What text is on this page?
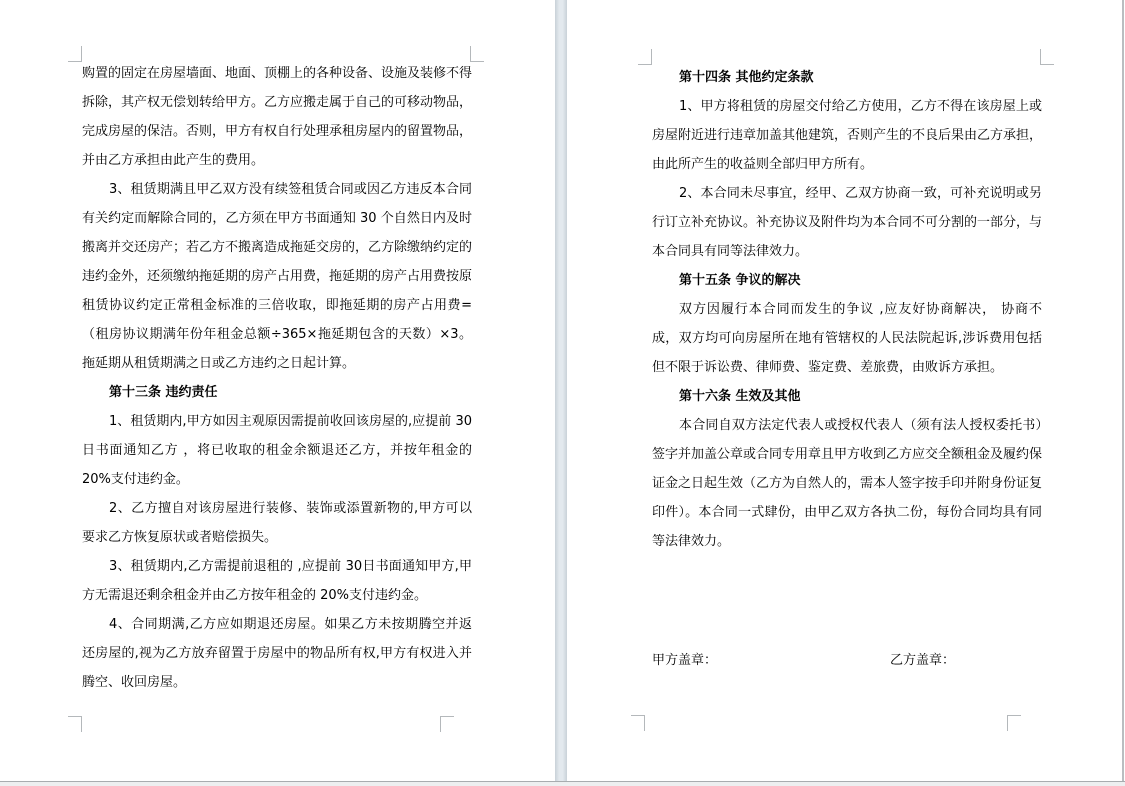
购置的固定在房屋墙面、地面、顶棚上的各种设备、设施及装修不得拆除，其产权无偿划转给甲方。乙方应搬走属于自己的可移动物品，完成房屋的保洁。否则，甲方有权自行处理承租房屋内的留置物品，并由乙方承担由此产生的费用。
3、租赁期满且甲乙双方没有续签租赁合同或因乙方违反本合同有关约定而解除合同的，乙方须在甲方书面通知 30 个自然日内及时搬离并交还房产；若乙方不搬离造成拖延交房的，乙方除缴纳约定的违约金外，还须缴纳拖延期的房产占用费，拖延期的房产占用费按原租赁协议约定正常租金标准的三倍收取，即拖延期的房产占用费=（租房协议期满年份年租金总额÷365×拖延期包含的天数）×3。拖延期从租赁期满之日或乙方违约之日起计算。
第十三条 违约责任
1、租赁期内,甲方如因主观原因需提前收回该房屋的,应提前 30日书面通知乙方 ，将已收取的租金余额退还乙方，并按年租金的 20%支付违约金。
2、乙方擅自对该房屋进行装修、装饰或添置新物的,甲方可以要求乙方恢复原状或者赔偿损失。
3、租赁期内,乙方需提前退租的 ,应提前 30日书面通知甲方,甲方无需退还剩余租金并由乙方按年租金的 20%支付违约金。
4、合同期满,乙方应如期退还房屋。如果乙方未按期腾空并返还房屋的,视为乙方放弃留置于房屋中的物品所有权,甲方有权进入并腾空、收回房屋。
第十四条 其他约定条款
1、甲方将租赁的房屋交付给乙方使用，乙方不得在该房屋上或房屋附近进行违章加盖其他建筑，否则产生的不良后果由乙方承担，由此所产生的收益则全部归甲方所有。
2、本合同未尽事宜，经甲、乙双方协商一致，可补充说明或另行订立补充协议。补充协议及附件均为本合同不可分割的一部分，与本合同具有同等法律效力。
第十五条 争议的解决
双方因履行本合同而发生的争议 ,应友好协商解决， 协商不成，双方均可向房屋所在地有管辖权的人民法院起诉,涉诉费用包括但不限于诉讼费、律师费、鉴定费、差旅费，由败诉方承担。
第十六条 生效及其他
本合同自双方法定代表人或授权代表人（须有法人授权委托书）签字并加盖公章或合同专用章且甲方收到乙方应交全额租金及履约保证金之日起生效（乙方为自然人的，需本人签字按手印并附身份证复印件）。本合同一式肆份，由甲乙双方各执二份，每份合同均具有同等法律效力。
甲方盖章：	乙方盖章：
